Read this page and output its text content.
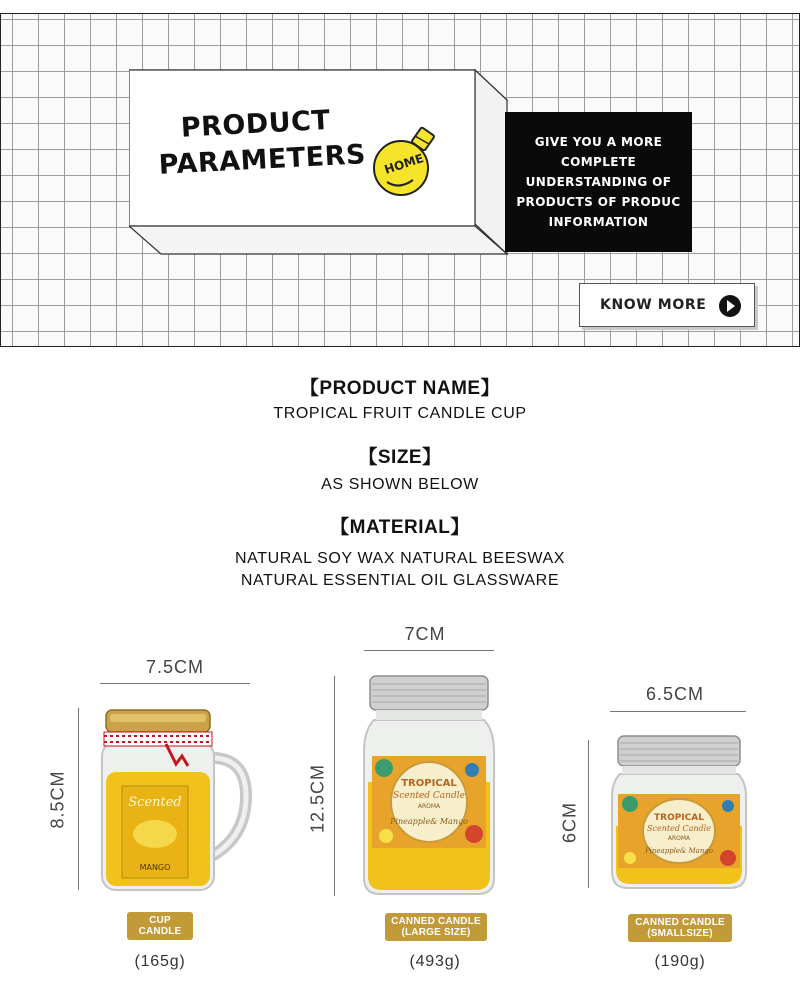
PRODUCT
PARAMETERS	HOME
GIVE YOU A MORE
COMPLETE
UNDERSTANDING OF
PRODUCTS OF PRODUC
INFORMATION
KNOW MORE
【PRODUCT NAME】
TROPICAL FRUIT CANDLE CUP
【SIZE】
AS SHOWN BELOW
【MATERIAL】
NATURAL SOY WAX NATURAL BEESWAX
NATURAL ESSENTIAL OIL GLASSWARE
7.5CM
8.5CM	Scented
MANGO
CUP CANDLE
(165g)
7CM
12.5CM	TROPICAL
Scented Candle
AROMA
Pineapple& Mango
CANNED CANDLE
(LARGE SIZE)
(493g)
6.5CM
6CM	TROPICAL
Scented Candle
AROMA
Pineapple& Mango
CANNED CANDLE
(SMALLSIZE)
(190g)
